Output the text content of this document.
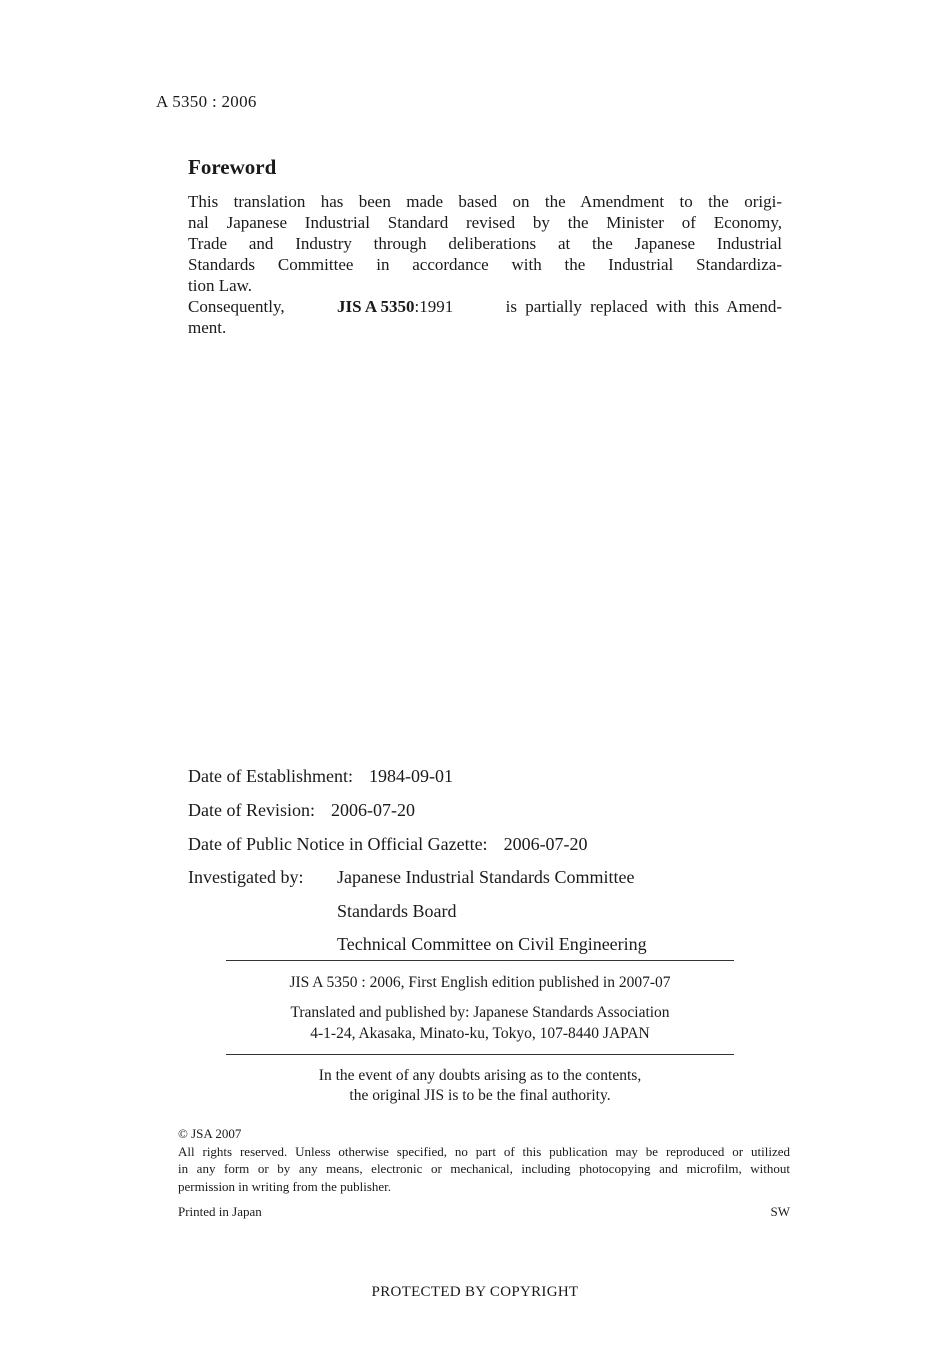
A 5350 : 2006
Foreword
This translation has been made based on the Amendment to the origi-
nal Japanese Industrial Standard revised by the Minister of Economy,
Trade and Industry through deliberations at the Japanese Industrial
Standards Committee in accordance with the Industrial Standardiza-
tion Law.
Consequently,	JIS A 5350:1991	is partially replaced with this Amend-
ment.
Date of Establishment: 1984-09-01
Date of Revision: 2006-07-20
Date of Public Notice in Official Gazette: 2006-07-20
Investigated by: Japanese Industrial Standards Committee
Standards Board
Technical Committee on Civil Engineering
JIS A 5350 : 2006, First English edition published in 2007-07
Translated and published by: Japanese Standards Association
4-1-24, Akasaka, Minato-ku, Tokyo, 107-8440 JAPAN
In the event of any doubts arising as to the contents,
the original JIS is to be the final authority.
© JSA 2007
All rights reserved. Unless otherwise specified, no part of this publication may be reproduced or utilized
in any form or by any means, electronic or mechanical, including photocopying and microfilm, without
permission in writing from the publisher.
Printed in Japan	SW
PROTECTED BY COPYRIGHT
